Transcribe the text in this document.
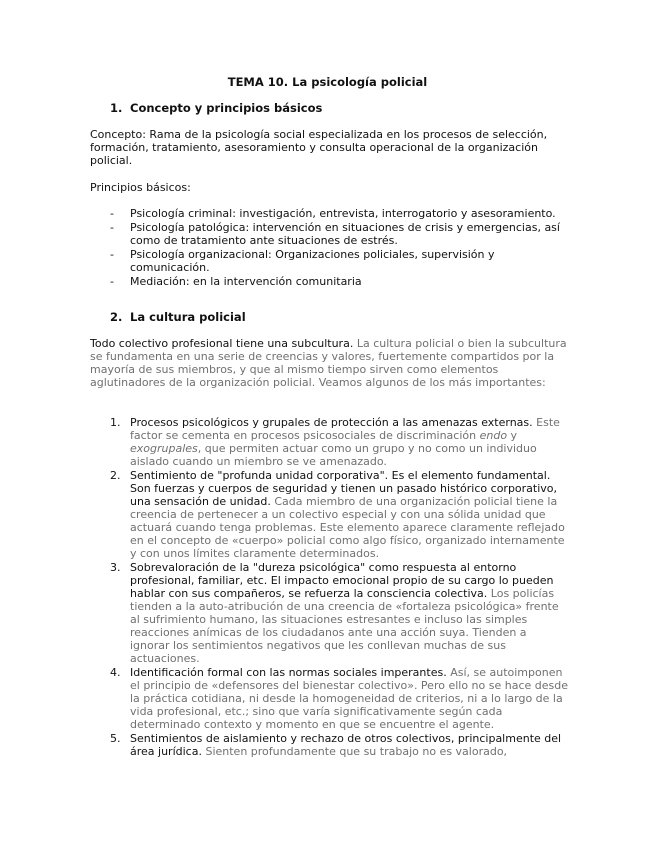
TEMA 10. La psicología policial
1. Concepto y principios básicos
Concepto: Rama de la psicología social especializada en los procesos de selección, formación, tratamiento, asesoramiento y consulta operacional de la organización policial.
Principios básicos:
- Psicología criminal: investigación, entrevista, interrogatorio y asesoramiento.
- Psicología patológica: intervención en situaciones de crisis y emergencias, así como de tratamiento ante situaciones de estrés.
- Psicología organizacional: Organizaciones policiales, supervisión y comunicación.
- Mediación: en la intervención comunitaria
2. La cultura policial
Todo colectivo profesional tiene una subcultura. La cultura policial o bien la subcultura se fundamenta en una serie de creencias y valores, fuertemente compartidos por la mayoría de sus miembros, y que al mismo tiempo sirven como elementos aglutinadores de la organización policial. Veamos algunos de los más importantes:
1. Procesos psicológicos y grupales de protección a las amenazas externas. Este factor se cementa en procesos psicosociales de discriminación endo y exogrupales, que permiten actuar como un grupo y no como un individuo aislado cuando un miembro se ve amenazado.
2. Sentimiento de "profunda unidad corporativa". Es el elemento fundamental. Son fuerzas y cuerpos de seguridad y tienen un pasado histórico corporativo, una sensación de unidad. Cada miembro de una organización policial tiene la creencia de pertenecer a un colectivo especial y con una sólida unidad que actuará cuando tenga problemas. Este elemento aparece claramente reflejado en el concepto de «cuerpo» policial como algo físico, organizado internamente y con unos límites claramente determinados.
3. Sobrevaloración de la "dureza psicológica" como respuesta al entorno profesional, familiar, etc. El impacto emocional propio de su cargo lo pueden hablar con sus compañeros, se refuerza la consciencia colectiva. Los policías tienden a la auto-atribución de una creencia de «fortaleza psicológica» frente al sufrimiento humano, las situaciones estresantes e incluso las simples reacciones anímicas de los ciudadanos ante una acción suya. Tienden a ignorar los sentimientos negativos que les conllevan muchas de sus actuaciones.
4. Identificación formal con las normas sociales imperantes. Así, se autoimponen el principio de «defensores del bienestar colectivo». Pero ello no se hace desde la práctica cotidiana, ni desde la homogeneidad de criterios, ni a lo largo de la vida profesional, etc.; sino que varía significativamente según cada determinado contexto y momento en que se encuentre el agente.
5. Sentimientos de aislamiento y rechazo de otros colectivos, principalmente del área jurídica. Sienten profundamente que su trabajo no es valorado,
